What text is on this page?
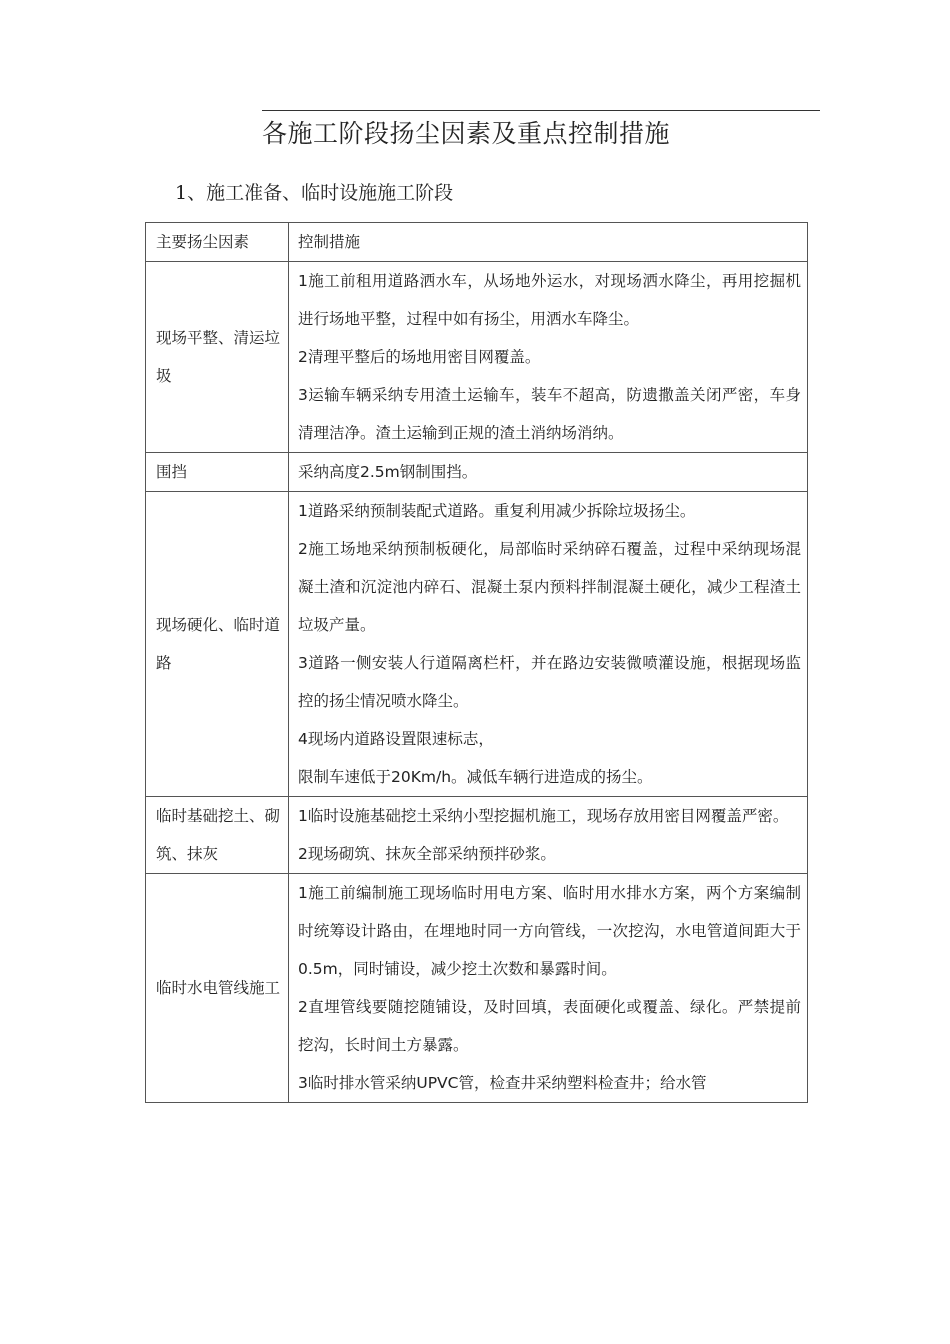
各施工阶段扬尘因素及重点控制措施
1、施工准备、临时设施施工阶段
主要扬尘因素	控制措施

现场平整、清运垃圾	1施工前租用道路洒水车，从场地外运水，对现场洒水降尘，再用挖掘机进行场地平整，过程中如有扬尘，用洒水车降尘。

2清理平整后的场地用密目网覆盖。

3运输车辆采纳专用渣土运输车，装车不超高，防遗撒盖关闭严密，车身清理洁净。渣土运输到正规的渣土消纳场消纳。

围挡	采纳高度2.5m钢制围挡。

现场硬化、临时道路	1道路采纳预制装配式道路。重复利用减少拆除垃圾扬尘。

2施工场地采纳预制板硬化，局部临时采纳碎石覆盖，过程中采纳现场混凝土渣和沉淀池内碎石、混凝土泵内预料拌制混凝土硬化，减少工程渣土垃圾产量。

3道路一侧安装人行道隔离栏杆，并在路边安装微喷灌设施，根据现场监控的扬尘情况喷水降尘。

4现场内道路设置限速标志，

限制车速低于20Km/h。减低车辆行进造成的扬尘。

临时基础挖土、砌筑、抹灰	1临时设施基础挖土采纳小型挖掘机施工，现场存放用密目网覆盖严密。

2现场砌筑、抹灰全部采纳预拌砂浆。

临时水电管线施工	1施工前编制施工现场临时用电方案、临时用水排水方案，两个方案编制时统筹设计路由，在埋地时同一方向管线，一次挖沟，水电管道间距大于0.5m，同时铺设，减少挖土次数和暴露时间。

2直埋管线要随挖随铺设，及时回填，表面硬化或覆盖、绿化。严禁提前挖沟，长时间土方暴露。

3临时排水管采纳UPVC管，检查井采纳塑料检查井；给水管
